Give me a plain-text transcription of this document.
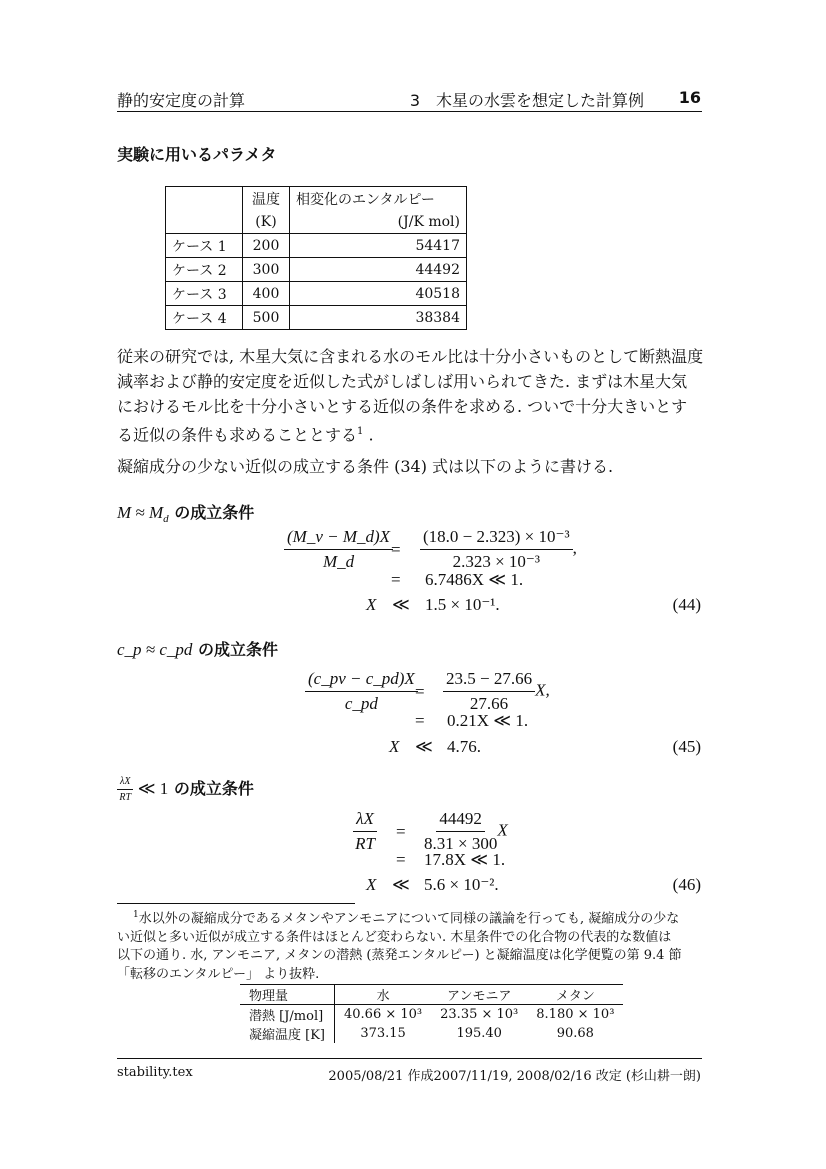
静的安定度の計算	3　木星の水雲を想定した計算例 16
実験に用いるパラメタ
	温度	相変化のエンタルピー
	(K)	(J/K mol)
ケース 1	200	54417
ケース 2	300	44492
ケース 3	400	40518
ケース 4	500	38384
従来の研究では, 木星大気に含まれる水のモル比は十分小さいものとして断熱温度
減率および静的安定度を近似した式がしばしば用いられてきた. まずは木星大気
におけるモル比を十分小さいとする近似の条件を求める. ついで十分大きいとす
る近似の条件も求めることとする$^1$ .
凝縮成分の少ない近似の成立する条件 (34) 式は以下のように書ける.
$M \approx M_d$ の成立条件
$\frac{(M\_v - M\_d)X}{M\_d}$
= $\frac{\text{(18.0 − 2.323) × 10⁻³}}{\text{2.323 × 10⁻³}}$ ,
= 6.7486X ≪ 1.
X ≪ 1.5 × 10⁻¹.	(44)
c_p ≈ c_pd の成立条件
$\frac{(c\_pv - c\_pd)X}{c\_pd}$
= $\frac{23.5 - 27.66}{27.66} X$,
= 0.21X ≪ 1.
X ≪ 4.76.	(45)
$\frac{\lambda X}{RT}$ ≪ 1 の成立条件
$\frac{\lambda X}{RT} = \frac{44492}{8.31 \times 300}$ X
= 17.8X ≪ 1.
X ≪ 5.6 × 10⁻².	(46)
$^1$水以外の凝縮成分であるメタンやアンモニアについて同様の議論を行っても, 凝縮成分の少な
い近似と多い近似が成立する条件はほとんど変わらない. 木星条件での化合物の代表的な数値は
以下の通り. 水, アンモニア, メタンの潜熱 (蒸発エンタルピー) と凝縮温度は化学便覧の第 9.4 節
「転移のエンタルピー」 より抜粋.
物理量	水	アンモニア	メタン
潜熱 [J/mol]	40.66 × 10³	23.35 × 10³	8.180 × 10³
凝縮温度 [K]	373.15	195.40	90.68
stability.tex	2005/08/21 作成2007/11/19, 2008/02/16 改定 (杉山耕一朗)
